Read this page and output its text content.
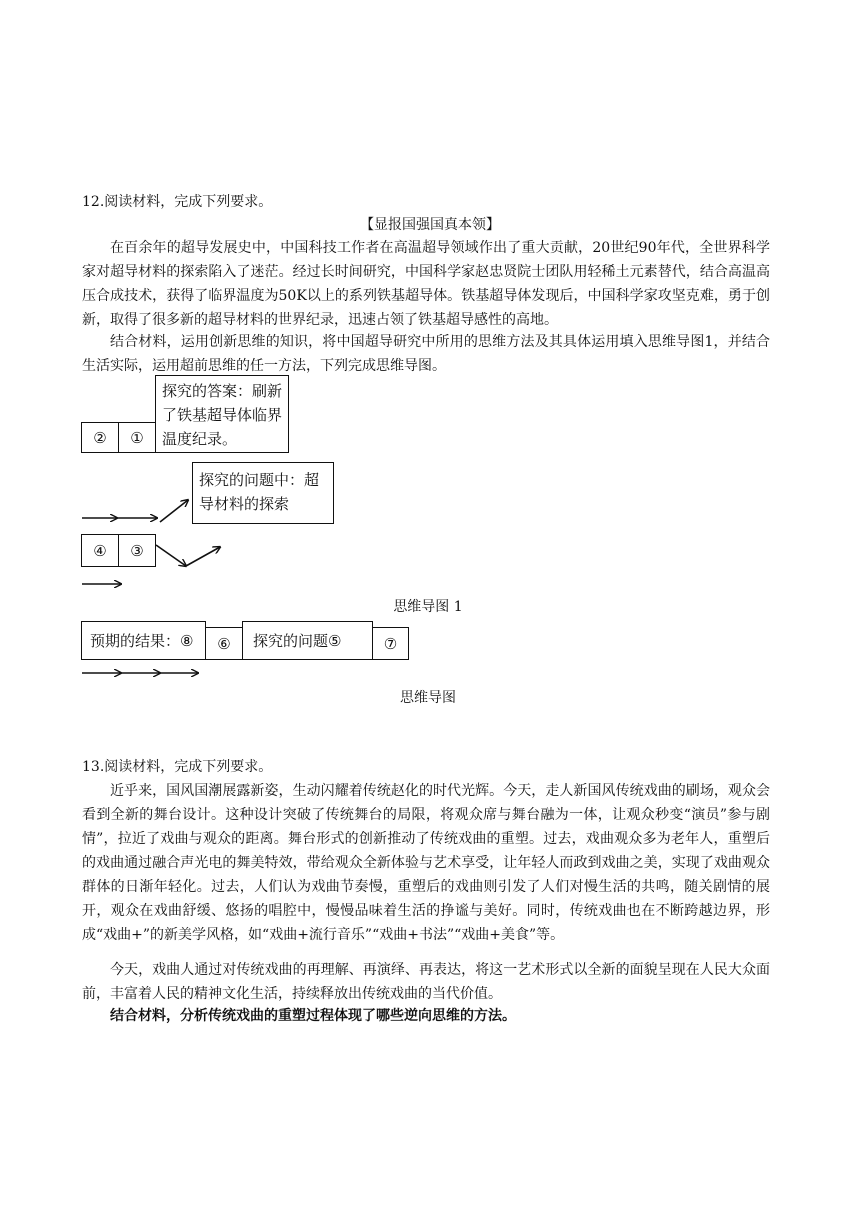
12.阅读材料，完成下列要求。
【显报国强国真本领】
在百余年的超导发展史中，中国科技工作者在高温超导领域作出了重大贡献，20世纪90年代，全世界科学家对超导材料的探索陷入了迷茫。经过长时间研究，中国科学家赵忠贤院士团队用轻稀土元素替代，结合高温高压合成技术，获得了临界温度为50K以上的系列铁基超导体。铁基超导体发现后，中国科学家攻坚克难，勇于创新，取得了很多新的超导材料的世界纪录，迅速占领了铁基超导感性的高地。
结合材料，运用创新思维的知识，将中国超导研究中所用的思维方法及其具体运用填入思维导图1，并结合生活实际，运用超前思维的任一方法，下列完成思维导图。
探究的答案：刷新了铁基超导体临界温度纪录。
②	①
探究的问题中：超导材料的探索
④	③
思维导图 1
预期的结果：⑧	⑥	探究的问题⑤	⑦
思维导图
13.阅读材料，完成下列要求。
近乎来，国风国潮展露新姿，生动闪耀着传统赵化的时代光辉。今天，走人新国风传统戏曲的刷场，观众会看到全新的舞台设计。这种设计突破了传统舞台的局限，将观众席与舞台融为一体，让观众秒变“演员”参与剧情”，拉近了戏曲与观众的距离。舞台形式的创新推动了传统戏曲的重塑。过去，戏曲观众多为老年人，重塑后的戏曲通过融合声光电的舞美特效，带给观众全新体验与艺术享受，让年轻人而政到戏曲之美，实现了戏曲观众群体的日渐年轻化。过去，人们认为戏曲节奏慢，重塑后的戏曲则引发了人们对慢生活的共鸣，随关剧情的展开，观众在戏曲舒缓、悠扬的唱腔中，慢慢品味着生活的挣谧与美好。同时，传统戏曲也在不断跨越边界，形成“戏曲+”的新美学风格，如“戏曲+流行音乐”“戏曲+书法”“戏曲+美食”等。
今天，戏曲人通过对传统戏曲的再理解、再演绎、再表达，将这一艺术形式以全新的面貌呈现在人民大众面前，丰富着人民的精神文化生活，持续释放出传统戏曲的当代价值。
结合材料，分析传统戏曲的重塑过程体现了哪些逆向思维的方法。
